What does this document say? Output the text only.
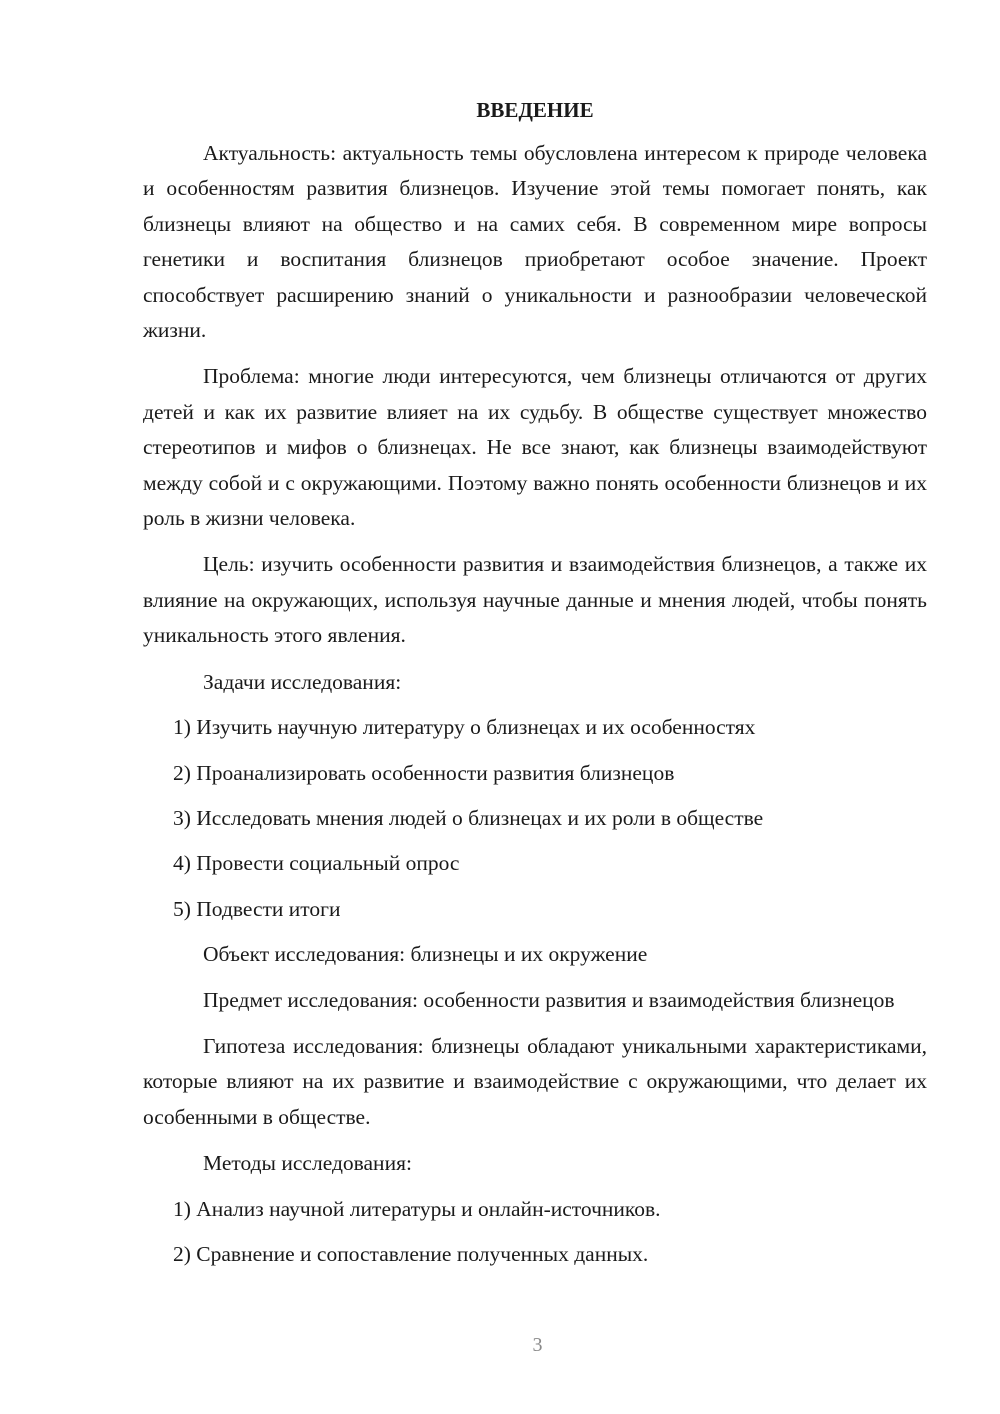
ВВЕДЕНИЕ

Актуальность: актуальность темы обусловлена интересом к природе человека и особенностям развития близнецов. Изучение этой темы помогает понять, как близнецы влияют на общество и на самих себя. В современном мире вопросы генетики и воспитания близнецов приобретают особое значение. Проект способствует расширению знаний о уникальности и разнообразии человеческой жизни.

Проблема: многие люди интересуются, чем близнецы отличаются от других детей и как их развитие влияет на их судьбу. В обществе существует множество стереотипов и мифов о близнецах. Не все знают, как близнецы взаимодействуют между собой и с окружающими. Поэтому важно понять особенности близнецов и их роль в жизни человека.

Цель: изучить особенности развития и взаимодействия близнецов, а также их влияние на окружающих, используя научные данные и мнения людей, чтобы понять уникальность этого явления.

Задачи исследования:
1) Изучить научную литературу о близнецах и их особенностях
2) Проанализировать особенности развития близнецов
3) Исследовать мнения людей о близнецах и их роли в обществе
4) Провести социальный опрос
5) Подвести итоги
Объект исследования: близнецы и их окружение

Предмет исследования: особенности развития и взаимодействия близнецов

Гипотеза исследования: близнецы обладают уникальными характеристиками, которые влияют на их развитие и взаимодействие с окружающими, что делает их особенными в обществе.

Методы исследования:
1) Анализ научной литературы и онлайн-источников.
2) Сравнение и сопоставление полученных данных.
3
